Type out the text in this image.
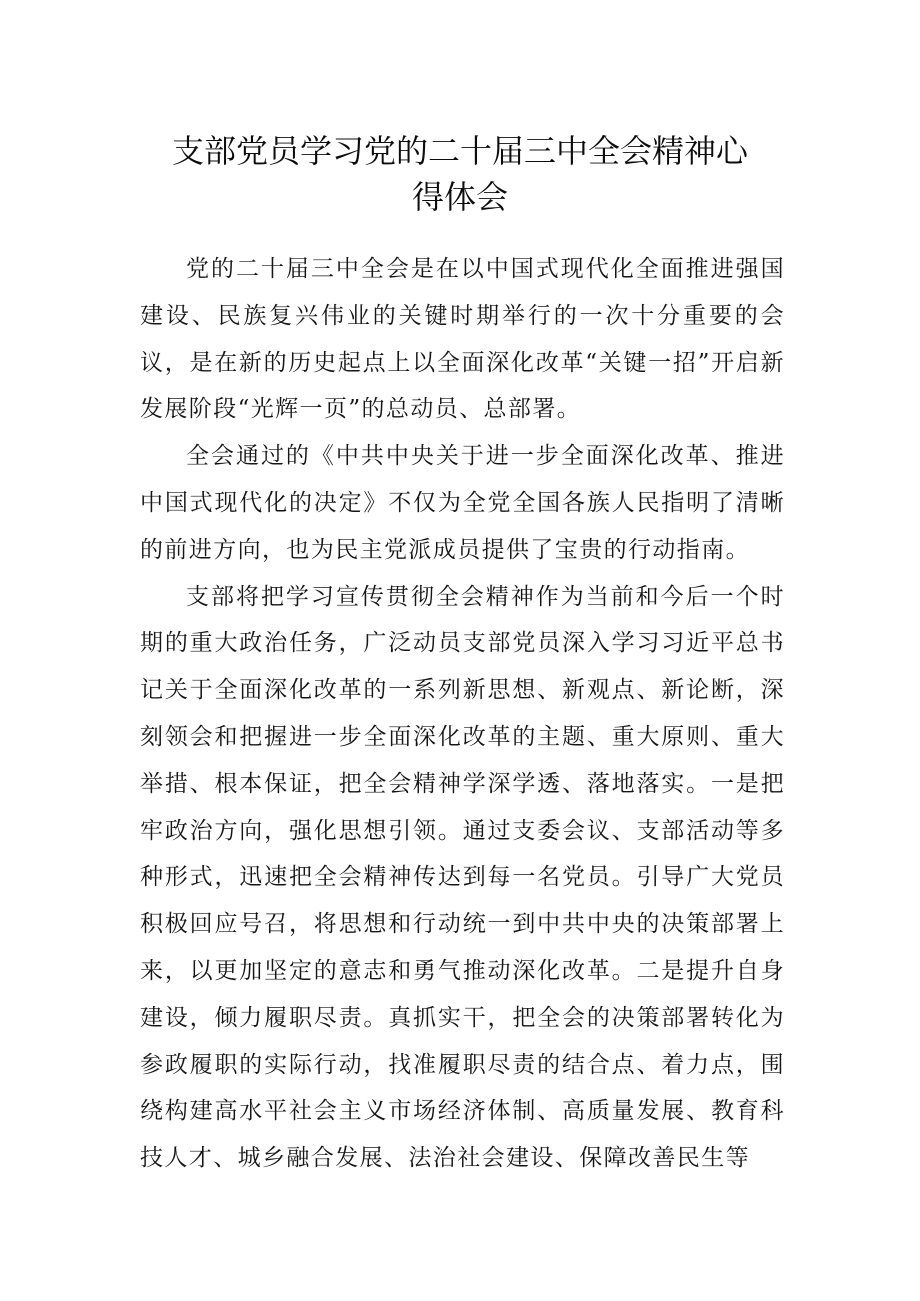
支部党员学习党的二十届三中全会精神心
得体会

党的二十届三中全会是在以中国式现代化全面推进强国建设、民族复兴伟业的关键时期举行的一次十分重要的会议，是在新的历史起点上以全面深化改革“关键一招”开启新发展阶段“光辉一页”的总动员、总部署。

全会通过的《中共中央关于进一步全面深化改革、推进中国式现代化的决定》不仅为全党全国各族人民指明了清晰的前进方向，也为民主党派成员提供了宝贵的行动指南。

支部将把学习宣传贯彻全会精神作为当前和今后一个时期的重大政治任务，广泛动员支部党员深入学习习近平总书记关于全面深化改革的一系列新思想、新观点、新论断，深刻领会和把握进一步全面深化改革的主题、重大原则、重大举措、根本保证，把全会精神学深学透、落地落实。一是把牢政治方向，强化思想引领。通过支委会议、支部活动等多种形式，迅速把全会精神传达到每一名党员。引导广大党员积极回应号召，将思想和行动统一到中共中央的决策部署上来，以更加坚定的意志和勇气推动深化改革。二是提升自身建设，倾力履职尽责。真抓实干，把全会的决策部署转化为参政履职的实际行动，找准履职尽责的结合点、着力点，围绕构建高水平社会主义市场经济体制、高质量发展、教育科技人才、城乡融合发展、法治社会建设、保障改善民生等
